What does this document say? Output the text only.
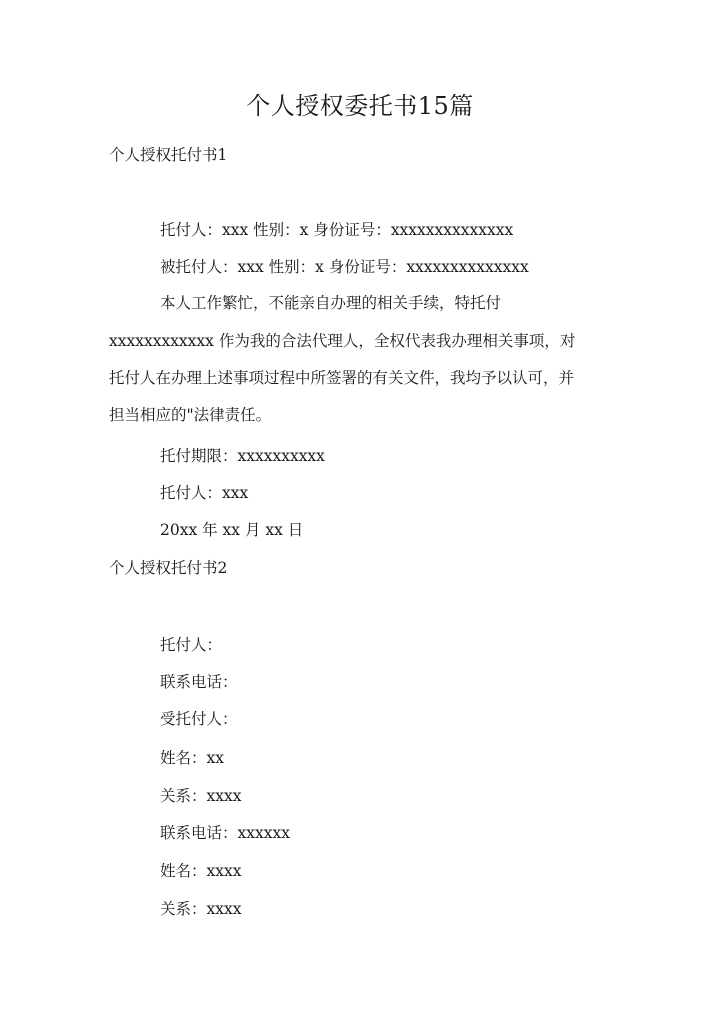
个人授权委托书15篇
个人授权托付书1
托付人：xxx 性别：x 身份证号：xxxxxxxxxxxxxx
被托付人：xxx 性别：x 身份证号：xxxxxxxxxxxxxx
本人工作繁忙，不能亲自办理的相关手续，特托付
xxxxxxxxxxxx 作为我的合法代理人，全权代表我办理相关事项，对
托付人在办理上述事项过程中所签署的有关文件，我均予以认可，并
担当相应的"法律责任。
托付期限：xxxxxxxxxx
托付人：xxx
20xx 年 xx 月 xx 日
个人授权托付书2
托付人：
联系电话：
受托付人：
姓名：xx
关系：xxxx
联系电话：xxxxxx
姓名：xxxx
关系：xxxx
